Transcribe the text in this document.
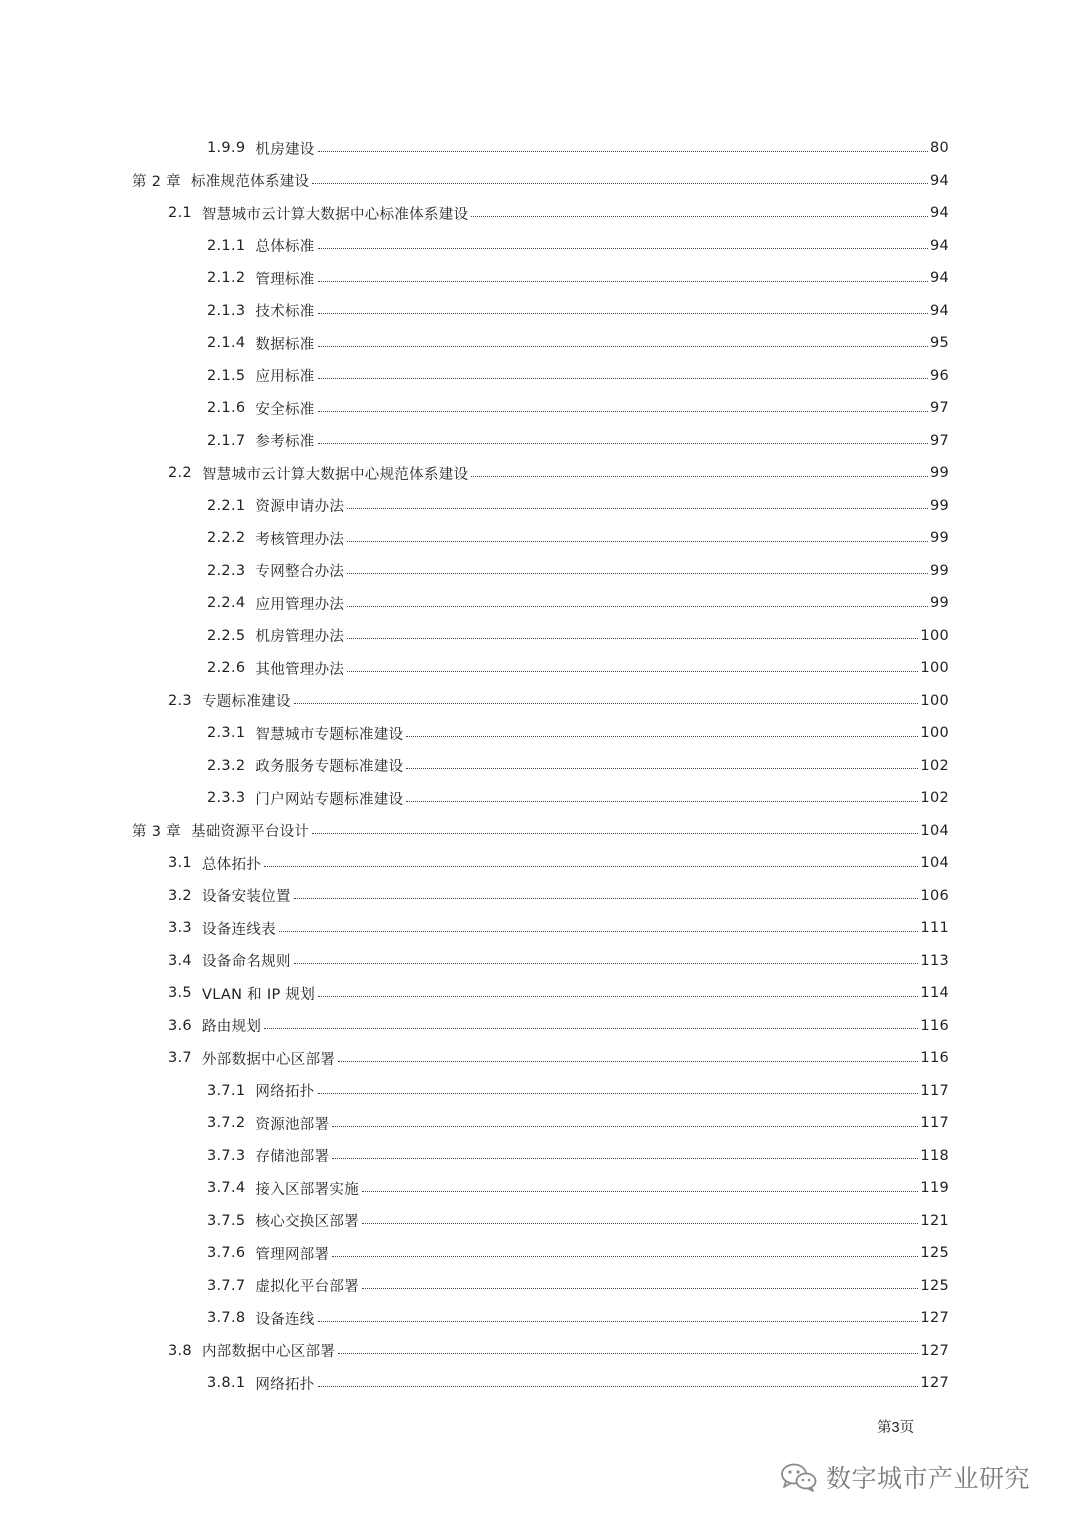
1.9.9 机房建设	80
第 2 章 标准规范体系建设	94
2.1 智慧城市云计算大数据中心标准体系建设	94
2.1.1 总体标准	94
2.1.2 管理标准	94
2.1.3 技术标准	94
2.1.4 数据标准	95
2.1.5 应用标准	96
2.1.6 安全标准	97
2.1.7 参考标准	97
2.2 智慧城市云计算大数据中心规范体系建设	99
2.2.1 资源申请办法	99
2.2.2 考核管理办法	99
2.2.3 专网整合办法	99
2.2.4 应用管理办法	99
2.2.5 机房管理办法	100
2.2.6 其他管理办法	100
2.3 专题标准建设	100
2.3.1 智慧城市专题标准建设	100
2.3.2 政务服务专题标准建设	102
2.3.3 门户网站专题标准建设	102
第 3 章 基础资源平台设计	104
3.1 总体拓扑	104
3.2 设备安装位置	106
3.3 设备连线表	111
3.4 设备命名规则	113
3.5 VLAN 和 IP 规划	114
3.6 路由规划	116
3.7 外部数据中心区部署	116
3.7.1 网络拓扑	117
3.7.2 资源池部署	117
3.7.3 存储池部署	118
3.7.4 接入区部署实施	119
3.7.5 核心交换区部署	121
3.7.6 管理网部署	125
3.7.7 虚拟化平台部署	125
3.7.8 设备连线	127
3.8 内部数据中心区部署	127
3.8.1 网络拓扑	127
第3页
数字城市产业研究
